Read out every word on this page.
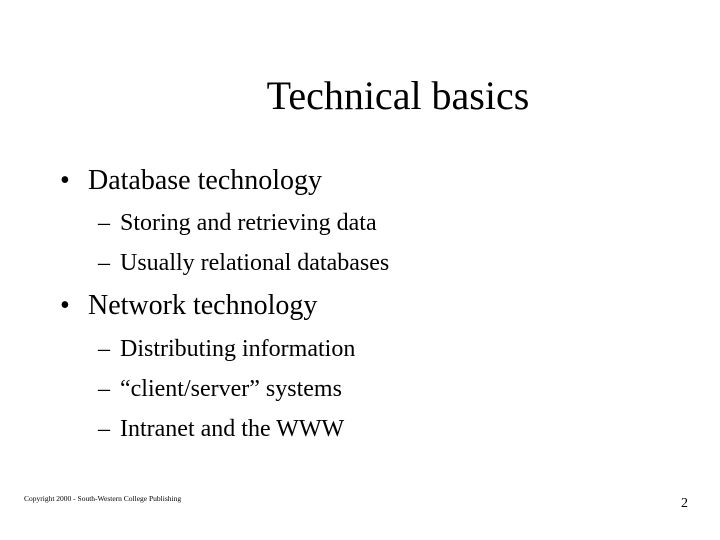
Technical basics
• Database technology
– Storing and retrieving data
– Usually relational databases
• Network technology
– Distributing information
– “client/server” systems
– Intranet and the WWW
Copyright 2000 - South-Western College Publishing	2
